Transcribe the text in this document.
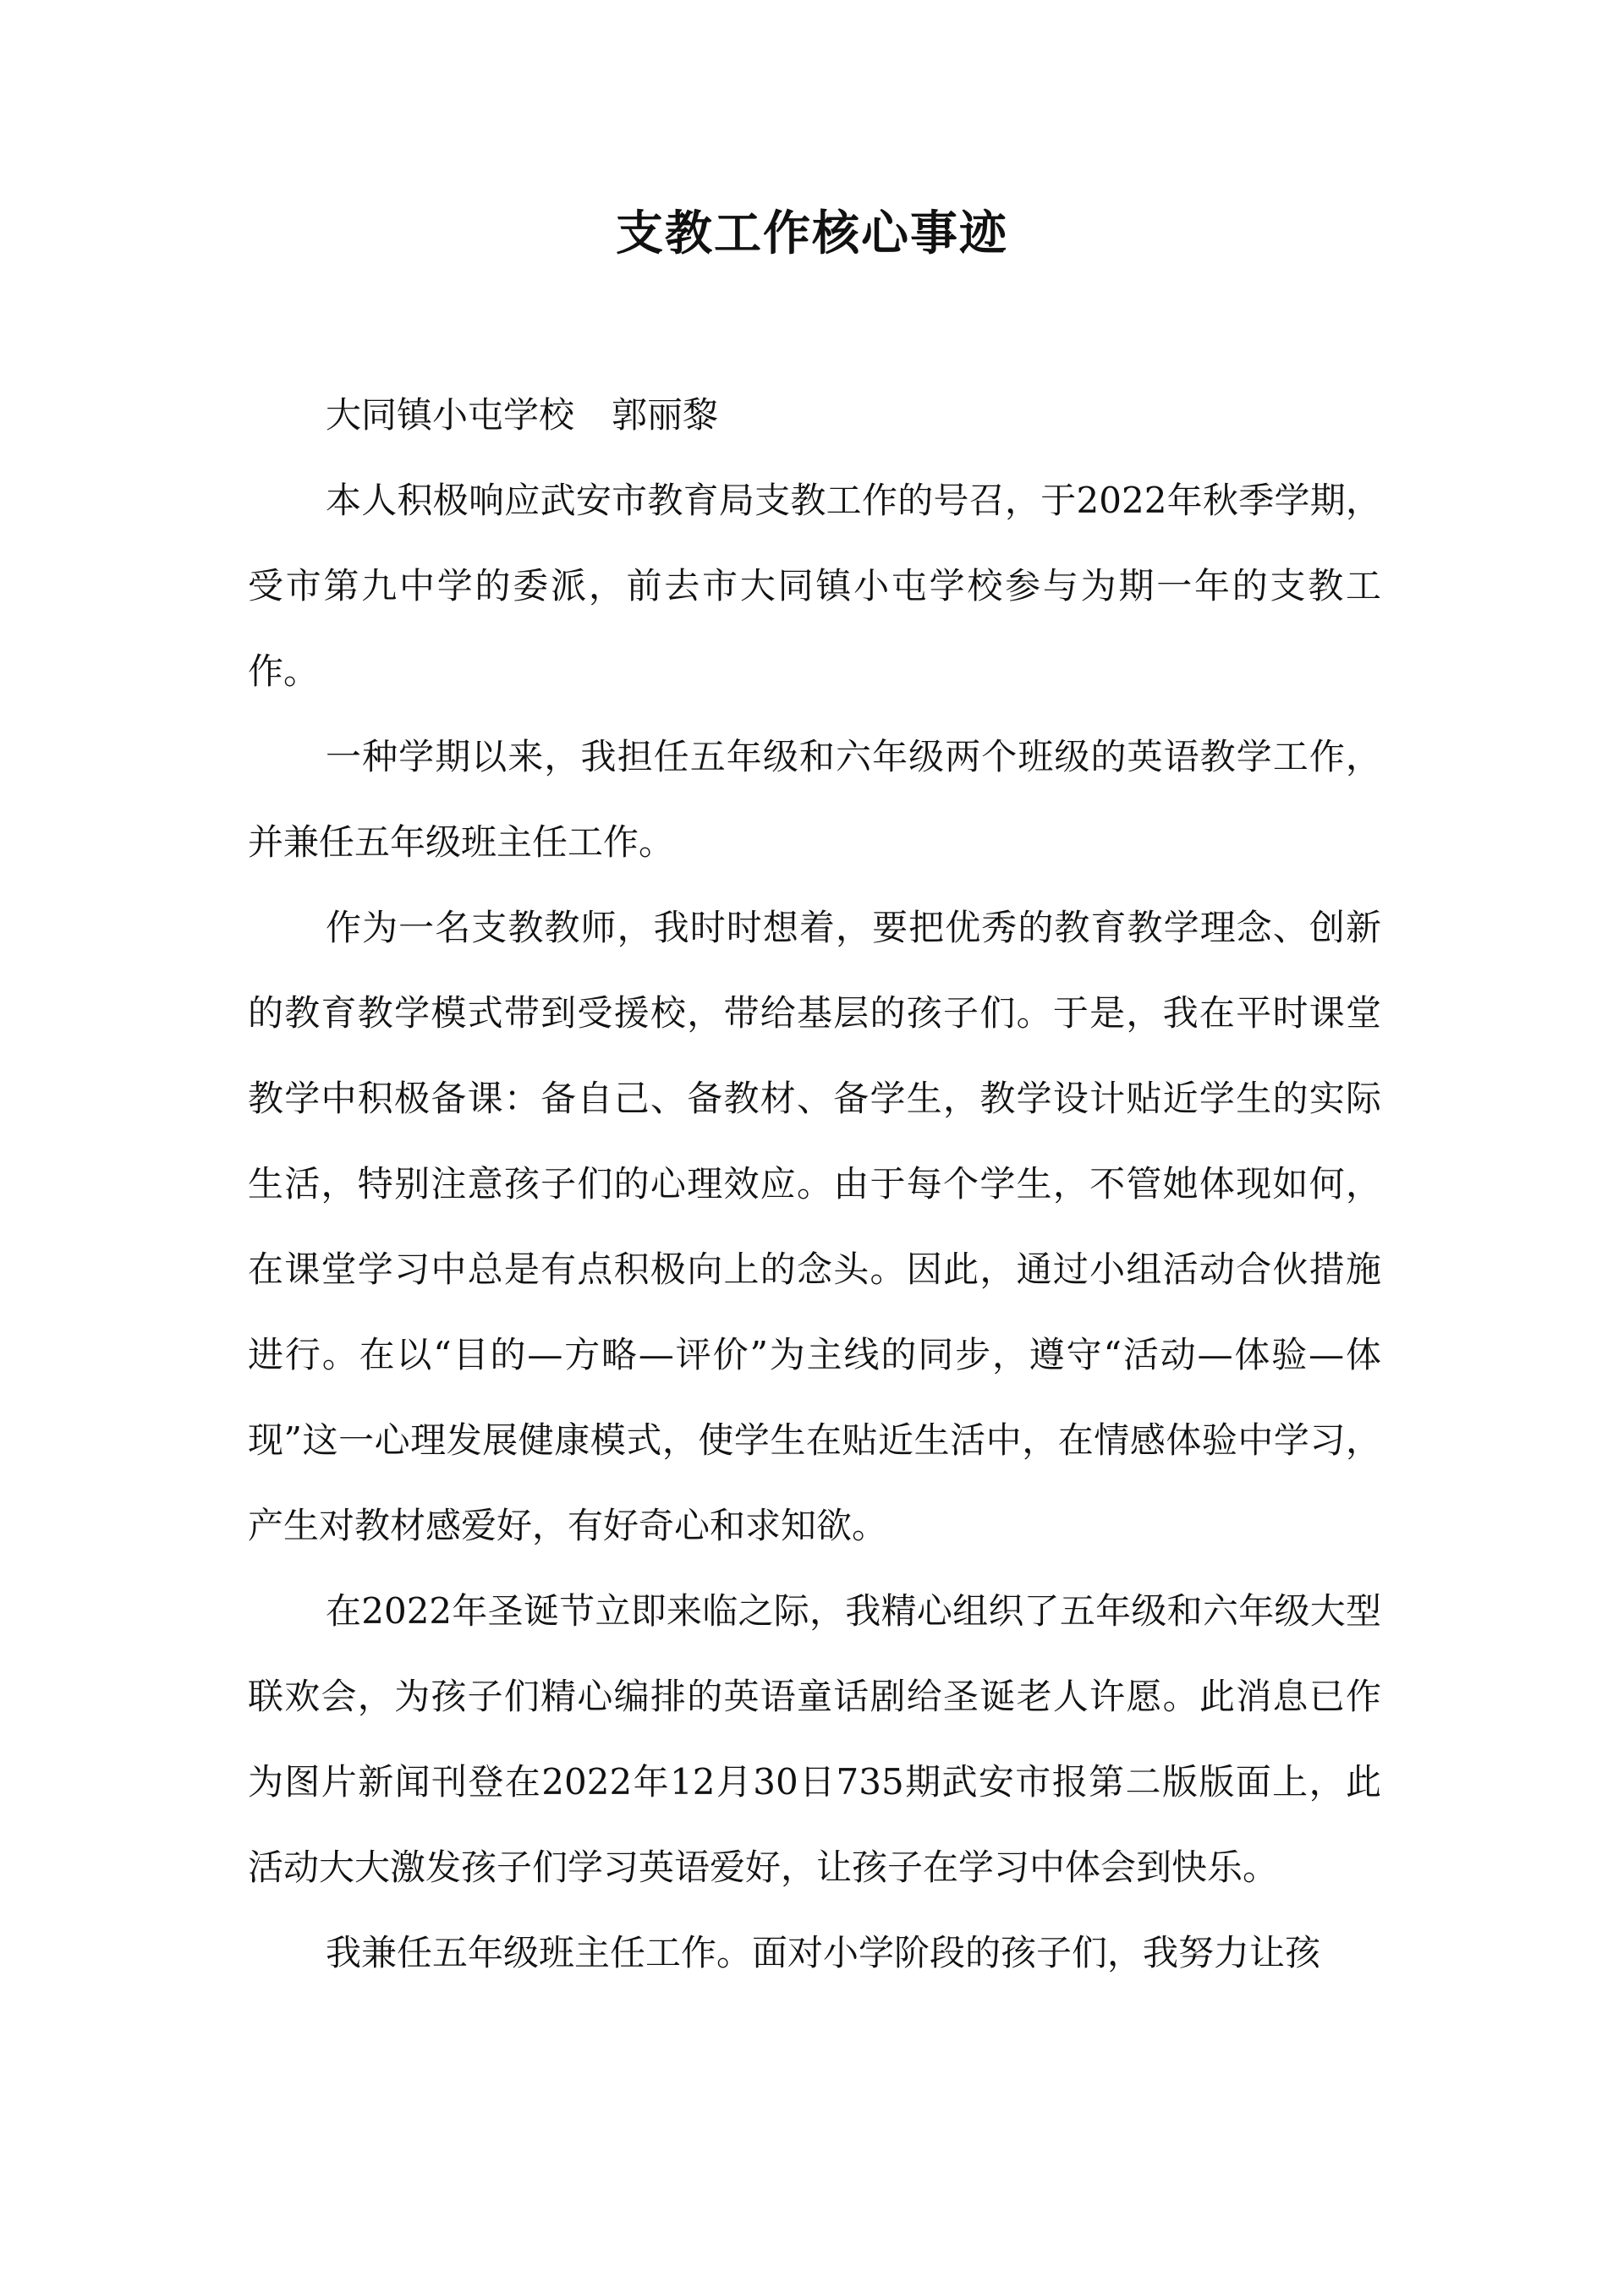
支教工作核心事迹

大同镇小屯学校 郭丽黎

本人积极响应武安市教育局支教工作的号召，于2022年秋季学期，受市第九中学的委派，前去市大同镇小屯学校参与为期一年的支教工作。

一种学期以来，我担任五年级和六年级两个班级的英语教学工作，并兼任五年级班主任工作。

作为一名支教教师，我时时想着，要把优秀的教育教学理念、创新的教育教学模式带到受援校，带给基层的孩子们。于是，我在平时课堂教学中积极备课：备自己、备教材、备学生，教学设计贴近学生的实际生活，特别注意孩子们的心理效应。由于每个学生，不管她体现如何，在课堂学习中总是有点积极向上的念头。因此，通过小组活动合伙措施进行。在以“目的—方略—评价”为主线的同步，遵守“活动—体验—体现”这一心理发展健康模式，使学生在贴近生活中，在情感体验中学习，产生对教材感爱好，有好奇心和求知欲。

在2022年圣诞节立即来临之际，我精心组织了五年级和六年级大型联欢会，为孩子们精心编排的英语童话剧给圣诞老人许愿。此消息已作为图片新闻刊登在2022年12月30日735期武安市报第二版版面上，此活动大大激发孩子们学习英语爱好，让孩子在学习中体会到快乐。

我兼任五年级班主任工作。面对小学阶段的孩子们，我努力让孩
